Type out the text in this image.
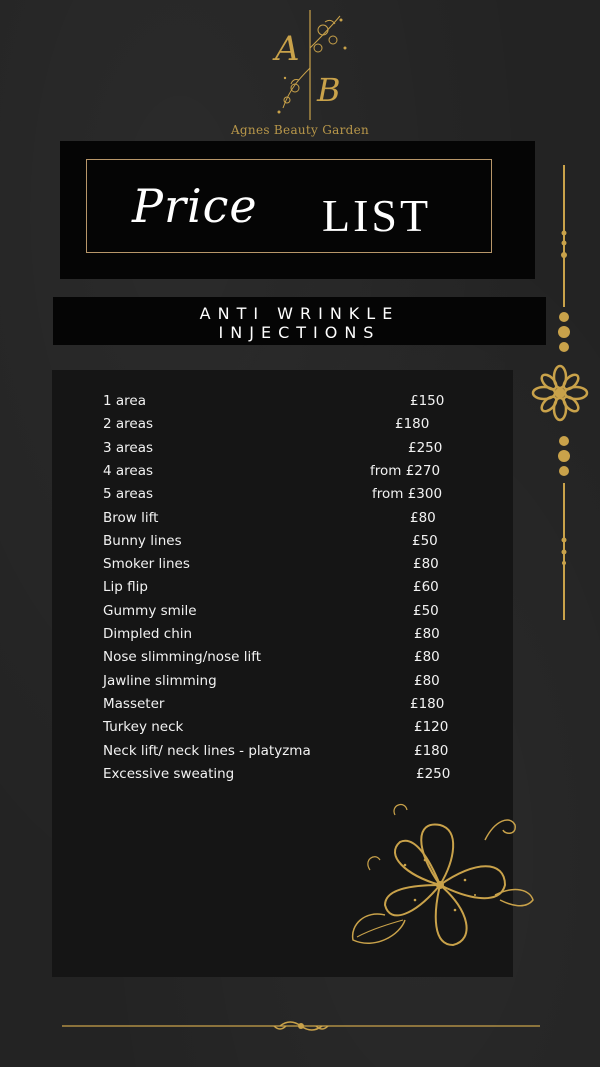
A
B
Agnes Beauty Garden
Price LIST
ANTI WRINKLE
INJECTIONS
1 area	£150
2 areas	£180
3 areas	£250
4 areas	from £270
5 areas	from £300
Brow lift	£80
Bunny lines	£50
Smoker lines	£80
Lip flip	£60
Gummy smile	£50
Dimpled chin	£80
Nose slimming/nose lift	£80
Jawline slimming	£80
Masseter	£180
Turkey neck	£120
Neck lift/ neck lines - platyzma	£180
Excessive sweating	£250
